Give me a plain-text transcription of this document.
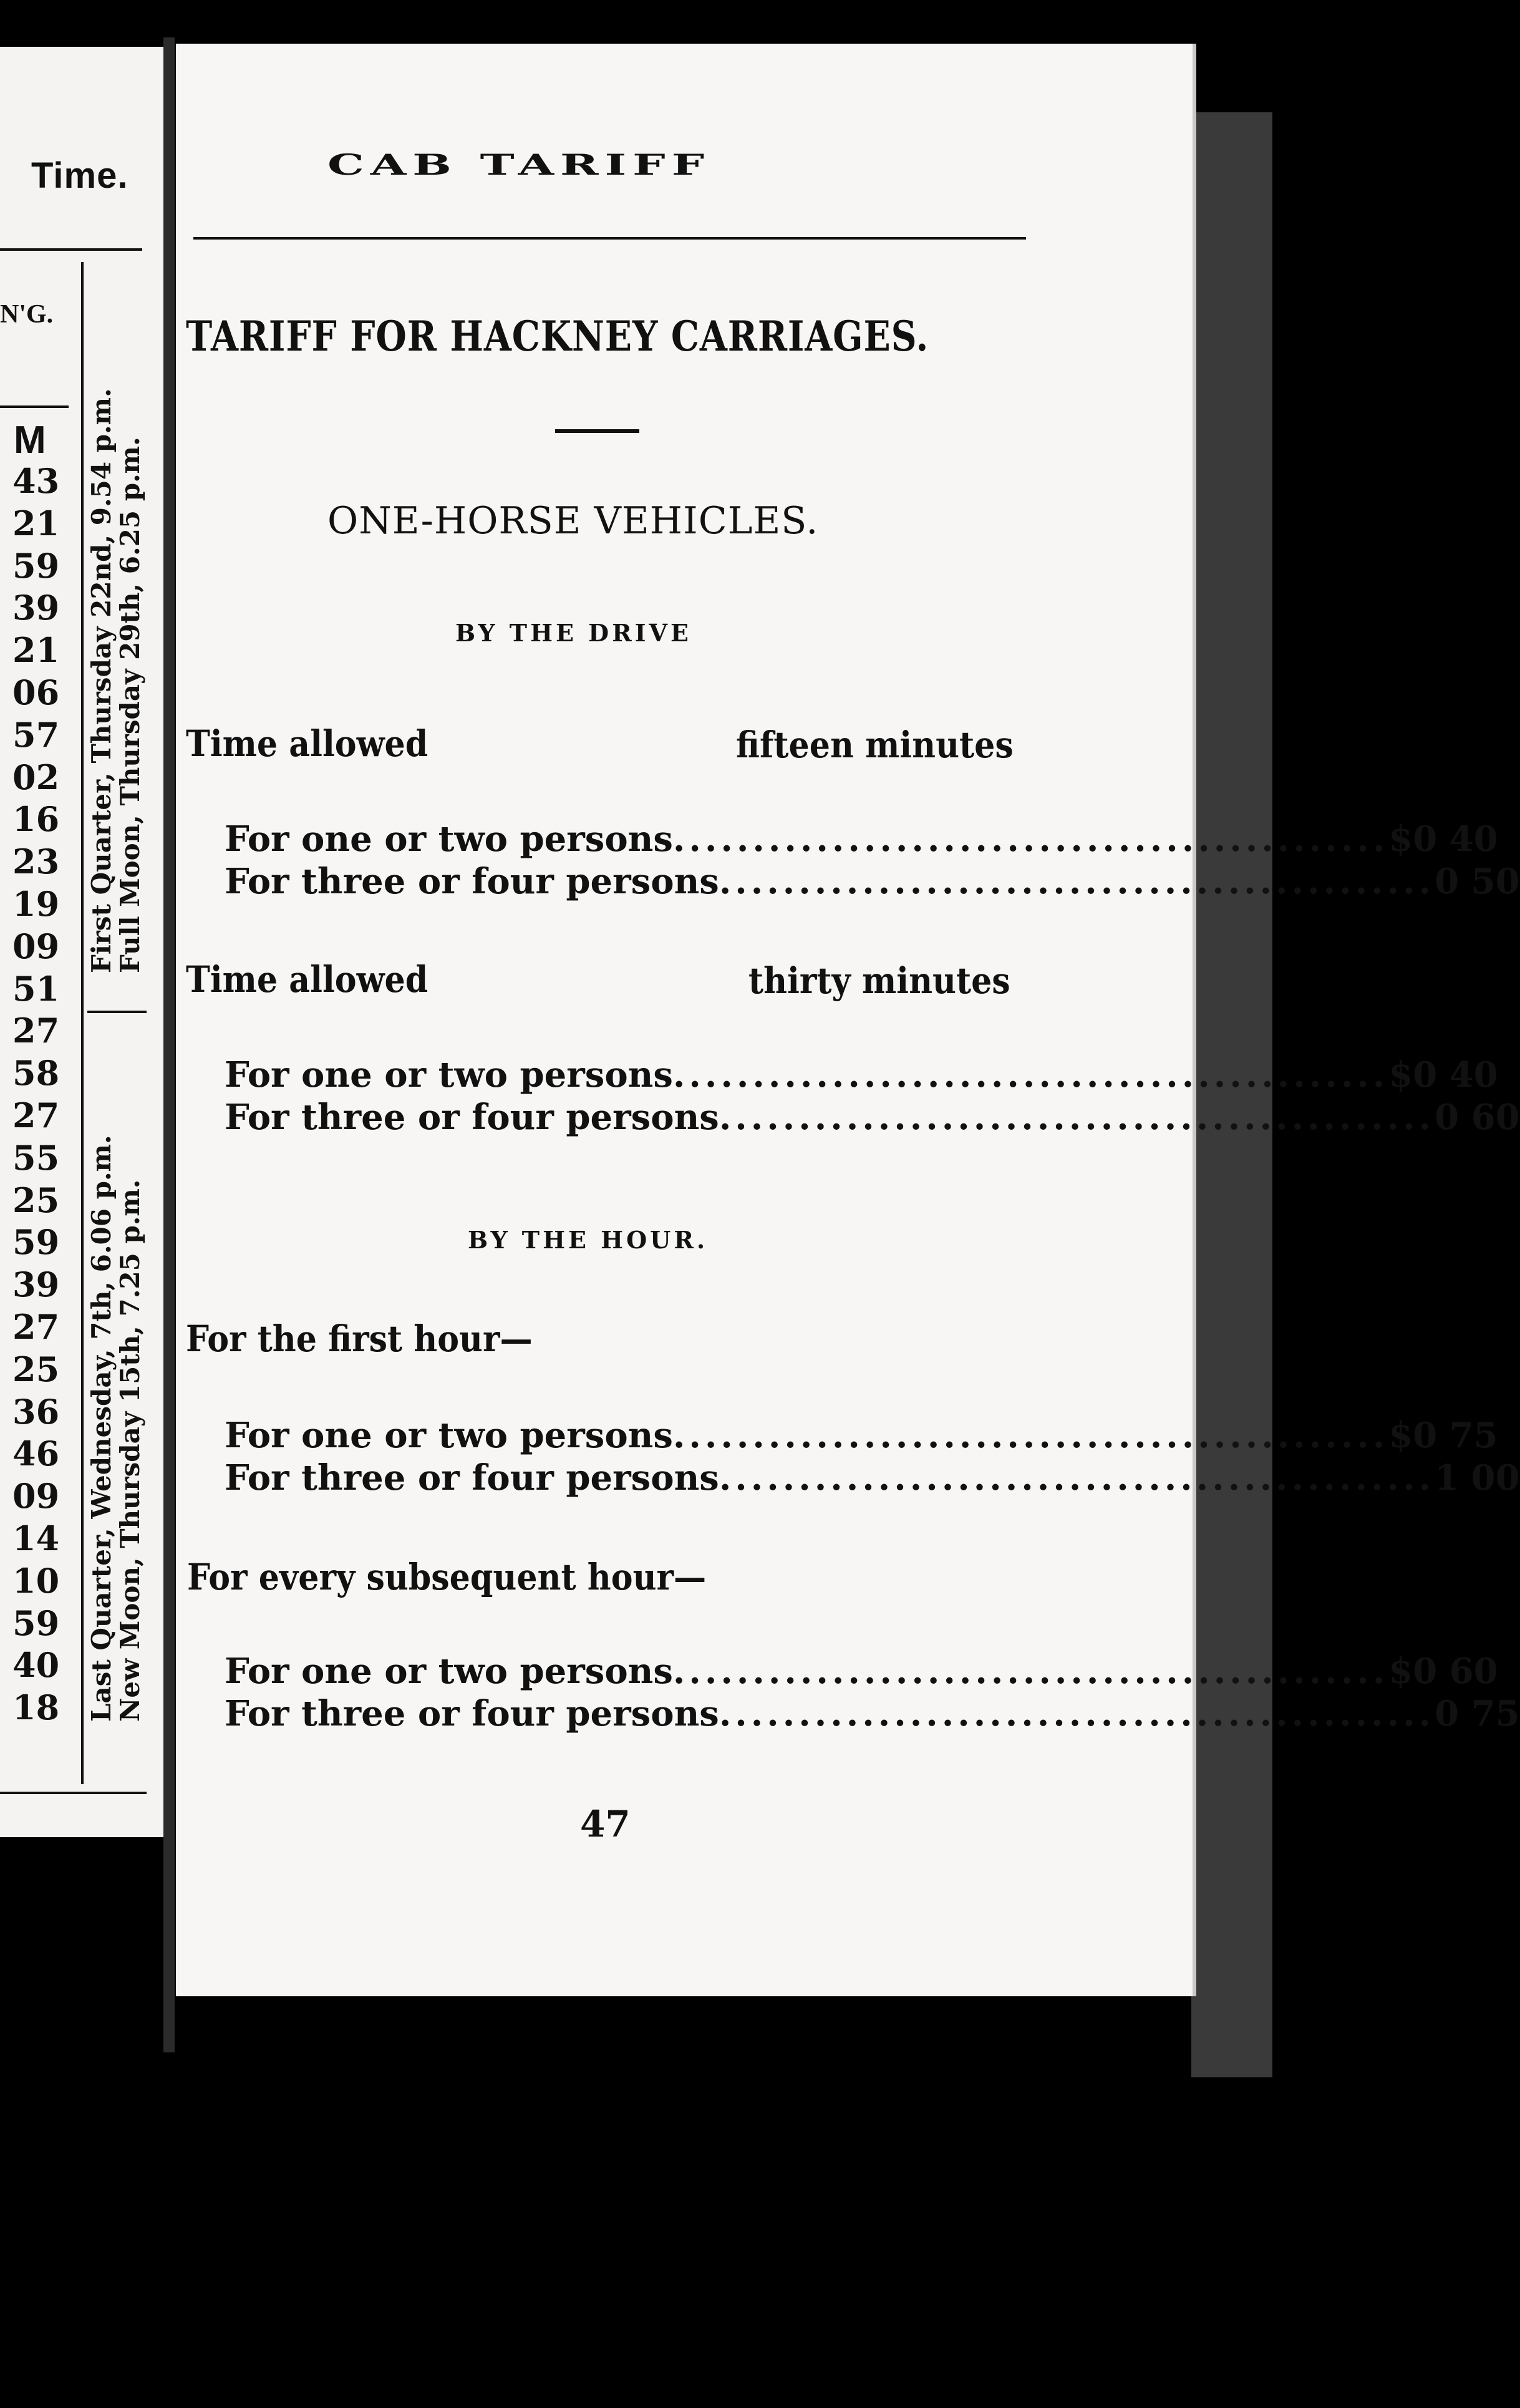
Time.

N'G.

M

43
21
59
39
21
06
57
02
16
23
19
09
51
27
58
27
55
25
59
39
27
25
36
46
09
14
10
59
40
18
First Quarter, Thursday 22nd, 9.54 p.m.
Full Moon, Thursday 29th, 6.25 p.m.
Last Quarter, Wednesday, 7th, 6.06 p.m.
New Moon, Thursday 15th, 7.25 p.m.

CAB TARIFF

TARIFF FOR HACKNEY CARRIAGES.

ONE-HORSE VEHICLES.

BY THE DRIVE

Time allowed	fifteen minutes

For one or two persons ............................................. $0 40
For three or four persons ............................................. 0 50

Time allowed	thirty minutes

For one or two persons ............................................. $0 40
For three or four persons ............................................. 0 60

BY THE HOUR.

For the first hour—

For one or two persons ............................................. $0 75
For three or four persons ............................................. 1 00

For every subsequent hour—

For one or two persons ............................................. $0 60
For three or four persons ............................................. 0 75

47
